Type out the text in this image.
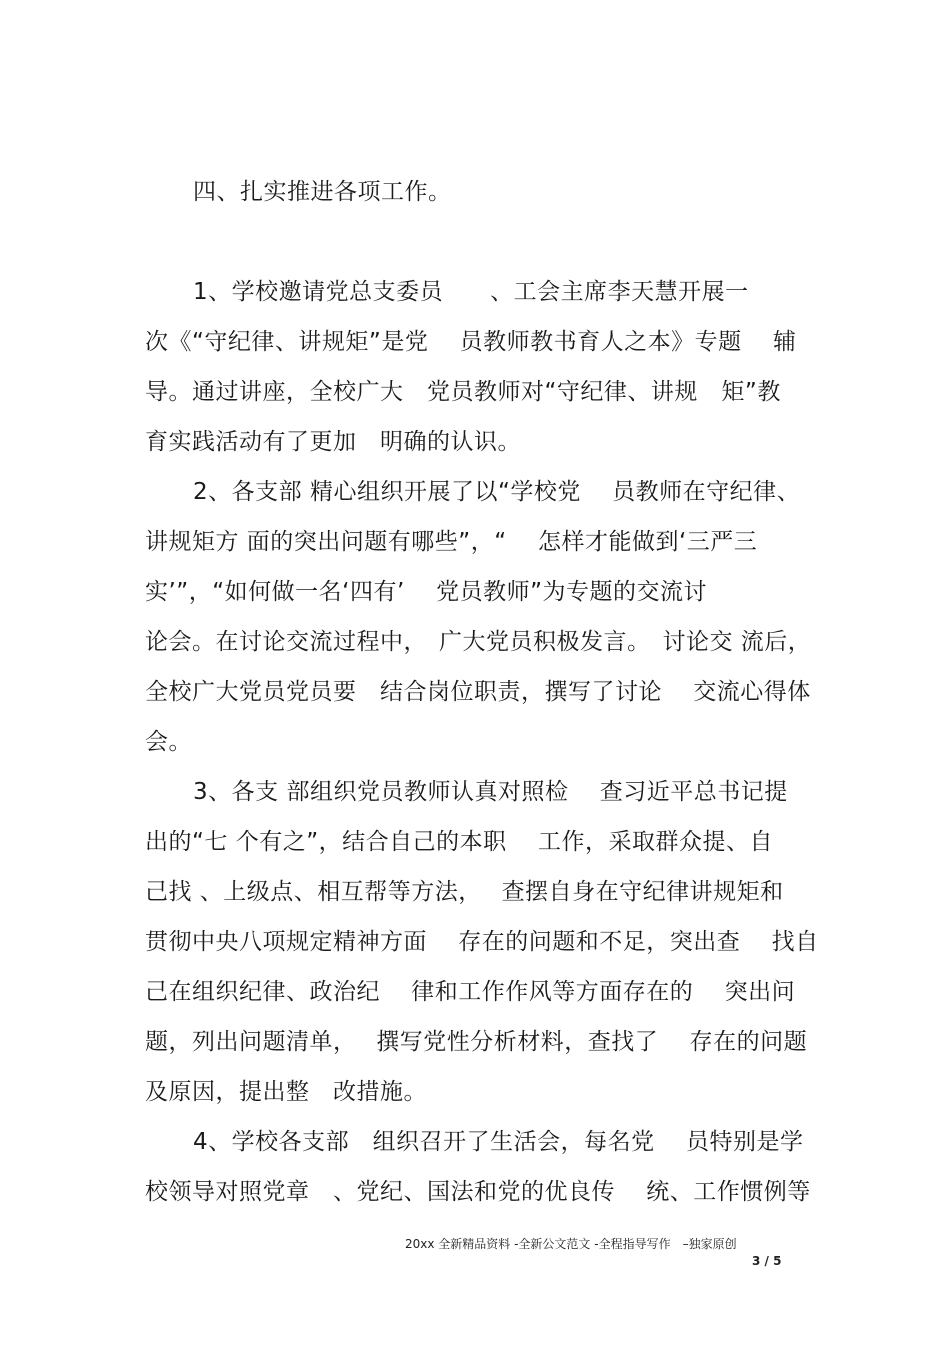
四、扎实推进各项工作。
1、学校邀请党总支委员　　、工会主席李天慧开展一
次《“守纪律、讲规矩”是党　 员教师教书育人之本》专题　 辅
导。通过讲座，全校广大　党员教师对“守纪律、讲规　矩”教
育实践活动有了更加　明确的认识。
2、各支部 精心组织开展了以“学校党　 员教师在守纪律、
讲规矩方 面的突出问题有哪些”，“　 怎样才能做到‘三严三
实’”，“如何做一名‘四有’　 党员教师”为专题的交流讨
论会。在讨论交流过程中，　广大党员积极发言。　讨论交 流后，
全校广大党员党员要　结合岗位职责，撰写了讨论　 交流心得体
会。
3、各支 部组织党员教师认真对照检　 查习近平总书记提
出的“七 个有之”，结合自己的本职　 工作，采取群众提、自
己找 、上级点、相互帮等方法，　 查摆自身在守纪律讲规矩和
贯彻中央八项规定精神方面　 存在的问题和不足，突出查　 找自
己在组织纪律、政治纪　 律和工作作风等方面存在的　 突出问
题，列出问题清单，　 撰写党性分析材料，查找了　 存在的问题
及原因，提出整　改措施。
4、学校各支部　组织召开了生活会，每名党　 员特别是学
校领导对照党章　、党纪、国法和党的优良传　 统、工作惯例等
20xx 全新精品资料 -全新公文范文 -全程指导写作　–独家原创
3 / 5
